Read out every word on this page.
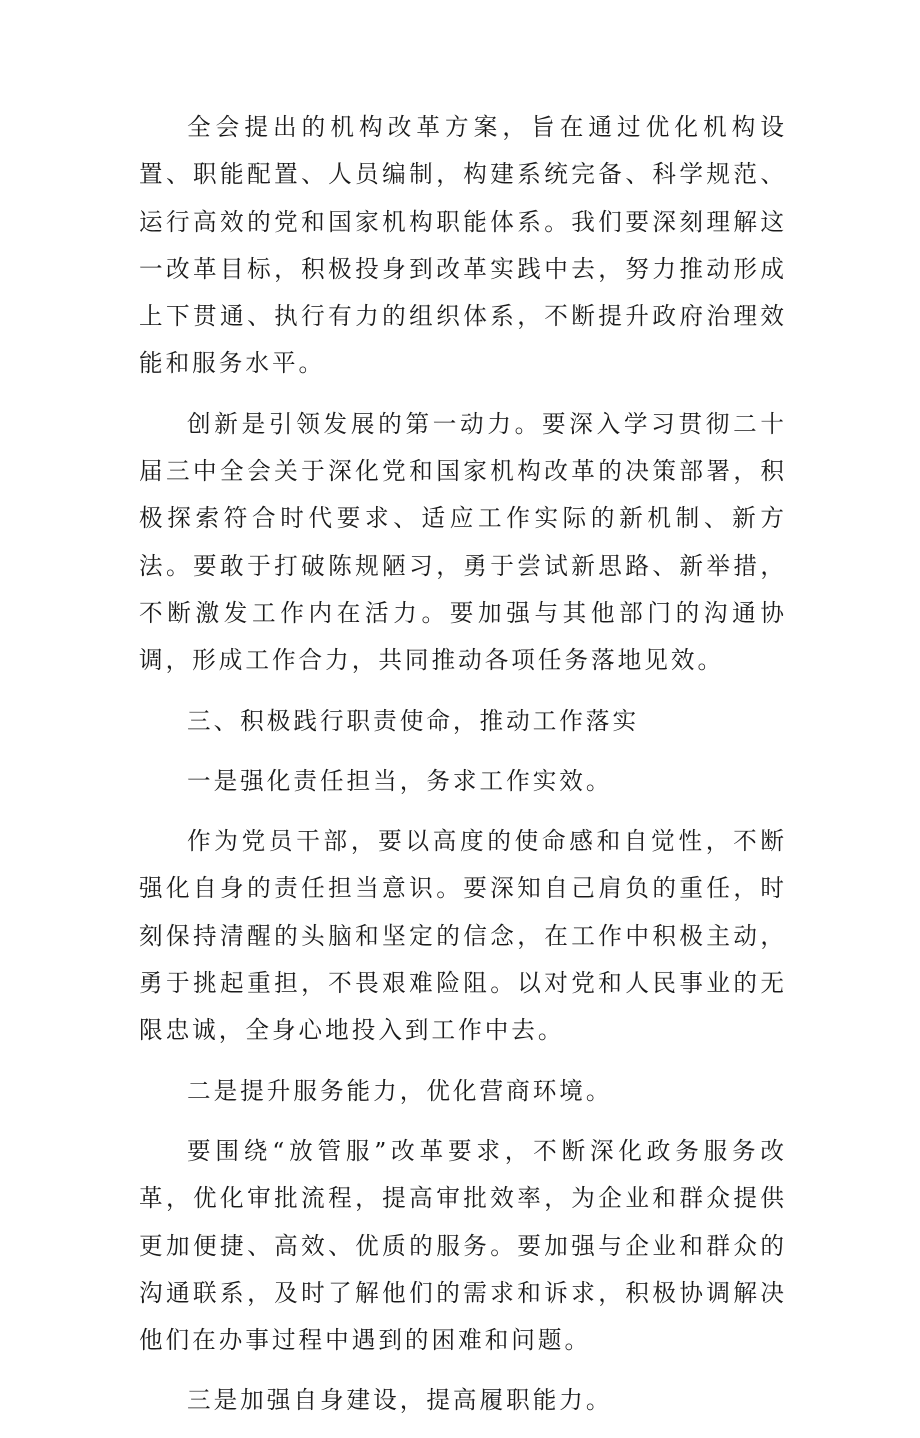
全会提出的机构改革方案，旨在通过优化机构设置、职能配置、人员编制，构建系统完备、科学规范、运行高效的党和国家机构职能体系。我们要深刻理解这一改革目标，积极投身到改革实践中去，努力推动形成上下贯通、执行有力的组织体系，不断提升政府治理效能和服务水平。

创新是引领发展的第一动力。要深入学习贯彻二十届三中全会关于深化党和国家机构改革的决策部署，积极探索符合时代要求、适应工作实际的新机制、新方法。要敢于打破陈规陋习，勇于尝试新思路、新举措，不断激发工作内在活力。要加强与其他部门的沟通协调，形成工作合力，共同推动各项任务落地见效。

三、积极践行职责使命，推动工作落实

一是强化责任担当，务求工作实效。

作为党员干部，要以高度的使命感和自觉性，不断强化自身的责任担当意识。要深知自己肩负的重任，时刻保持清醒的头脑和坚定的信念，在工作中积极主动，勇于挑起重担，不畏艰难险阻。以对党和人民事业的无限忠诚，全身心地投入到工作中去。

二是提升服务能力，优化营商环境。

要围绕“放管服”改革要求，不断深化政务服务改革，优化审批流程，提高审批效率，为企业和群众提供更加便捷、高效、优质的服务。要加强与企业和群众的沟通联系，及时了解他们的需求和诉求，积极协调解决他们在办事过程中遇到的困难和问题。

三是加强自身建设，提高履职能力。
